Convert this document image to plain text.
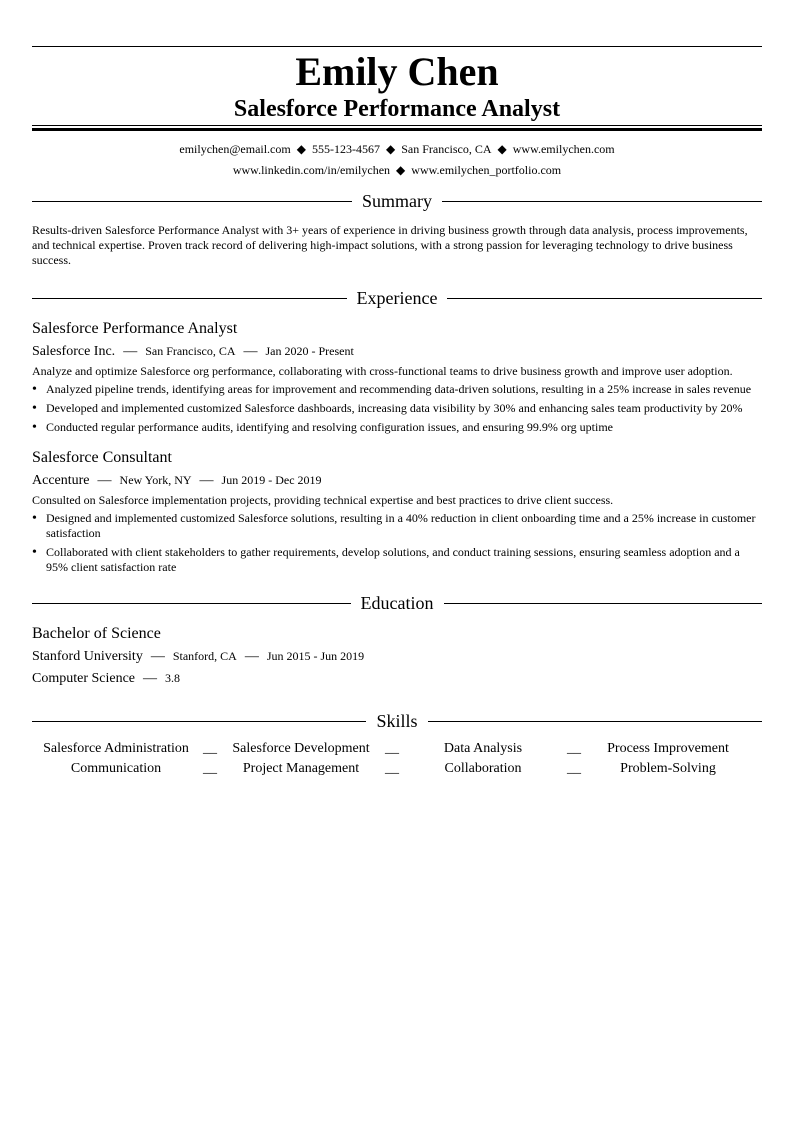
Emily Chen
Salesforce Performance Analyst
emilychen@email.com ◆ 555-123-4567 ◆ San Francisco, CA ◆ www.emilychen.com
www.linkedin.com/in/emilychen ◆ www.emilychen_portfolio.com
Summary
Results-driven Salesforce Performance Analyst with 3+ years of experience in driving business growth through data analysis, process improvements, and technical expertise. Proven track record of delivering high-impact solutions, with a strong passion for leveraging technology to drive business success.
Experience
Salesforce Performance Analyst
Salesforce Inc. — San Francisco, CA — Jan 2020 - Present
Analyze and optimize Salesforce org performance, collaborating with cross-functional teams to drive business growth and improve user adoption.
• Analyzed pipeline trends, identifying areas for improvement and recommending data-driven solutions, resulting in a 25% increase in sales revenue
• Developed and implemented customized Salesforce dashboards, increasing data visibility by 30% and enhancing sales team productivity by 20%
• Conducted regular performance audits, identifying and resolving configuration issues, and ensuring 99.9% org uptime
Salesforce Consultant
Accenture — New York, NY — Jun 2019 - Dec 2019
Consulted on Salesforce implementation projects, providing technical expertise and best practices to drive client success.
• Designed and implemented customized Salesforce solutions, resulting in a 40% reduction in client onboarding time and a 25% increase in customer satisfaction
• Collaborated with client stakeholders to gather requirements, develop solutions, and conduct training sessions, ensuring seamless adoption and a 95% client satisfaction rate
Education
Bachelor of Science
Stanford University — Stanford, CA — Jun 2015 - Jun 2019
Computer Science — 3.8
Skills
Salesforce Administration	__	Salesforce Development	__	Data Analysis	__	Process Improvement
Communication	__	Project Management	__	Collaboration	__	Problem-Solving
